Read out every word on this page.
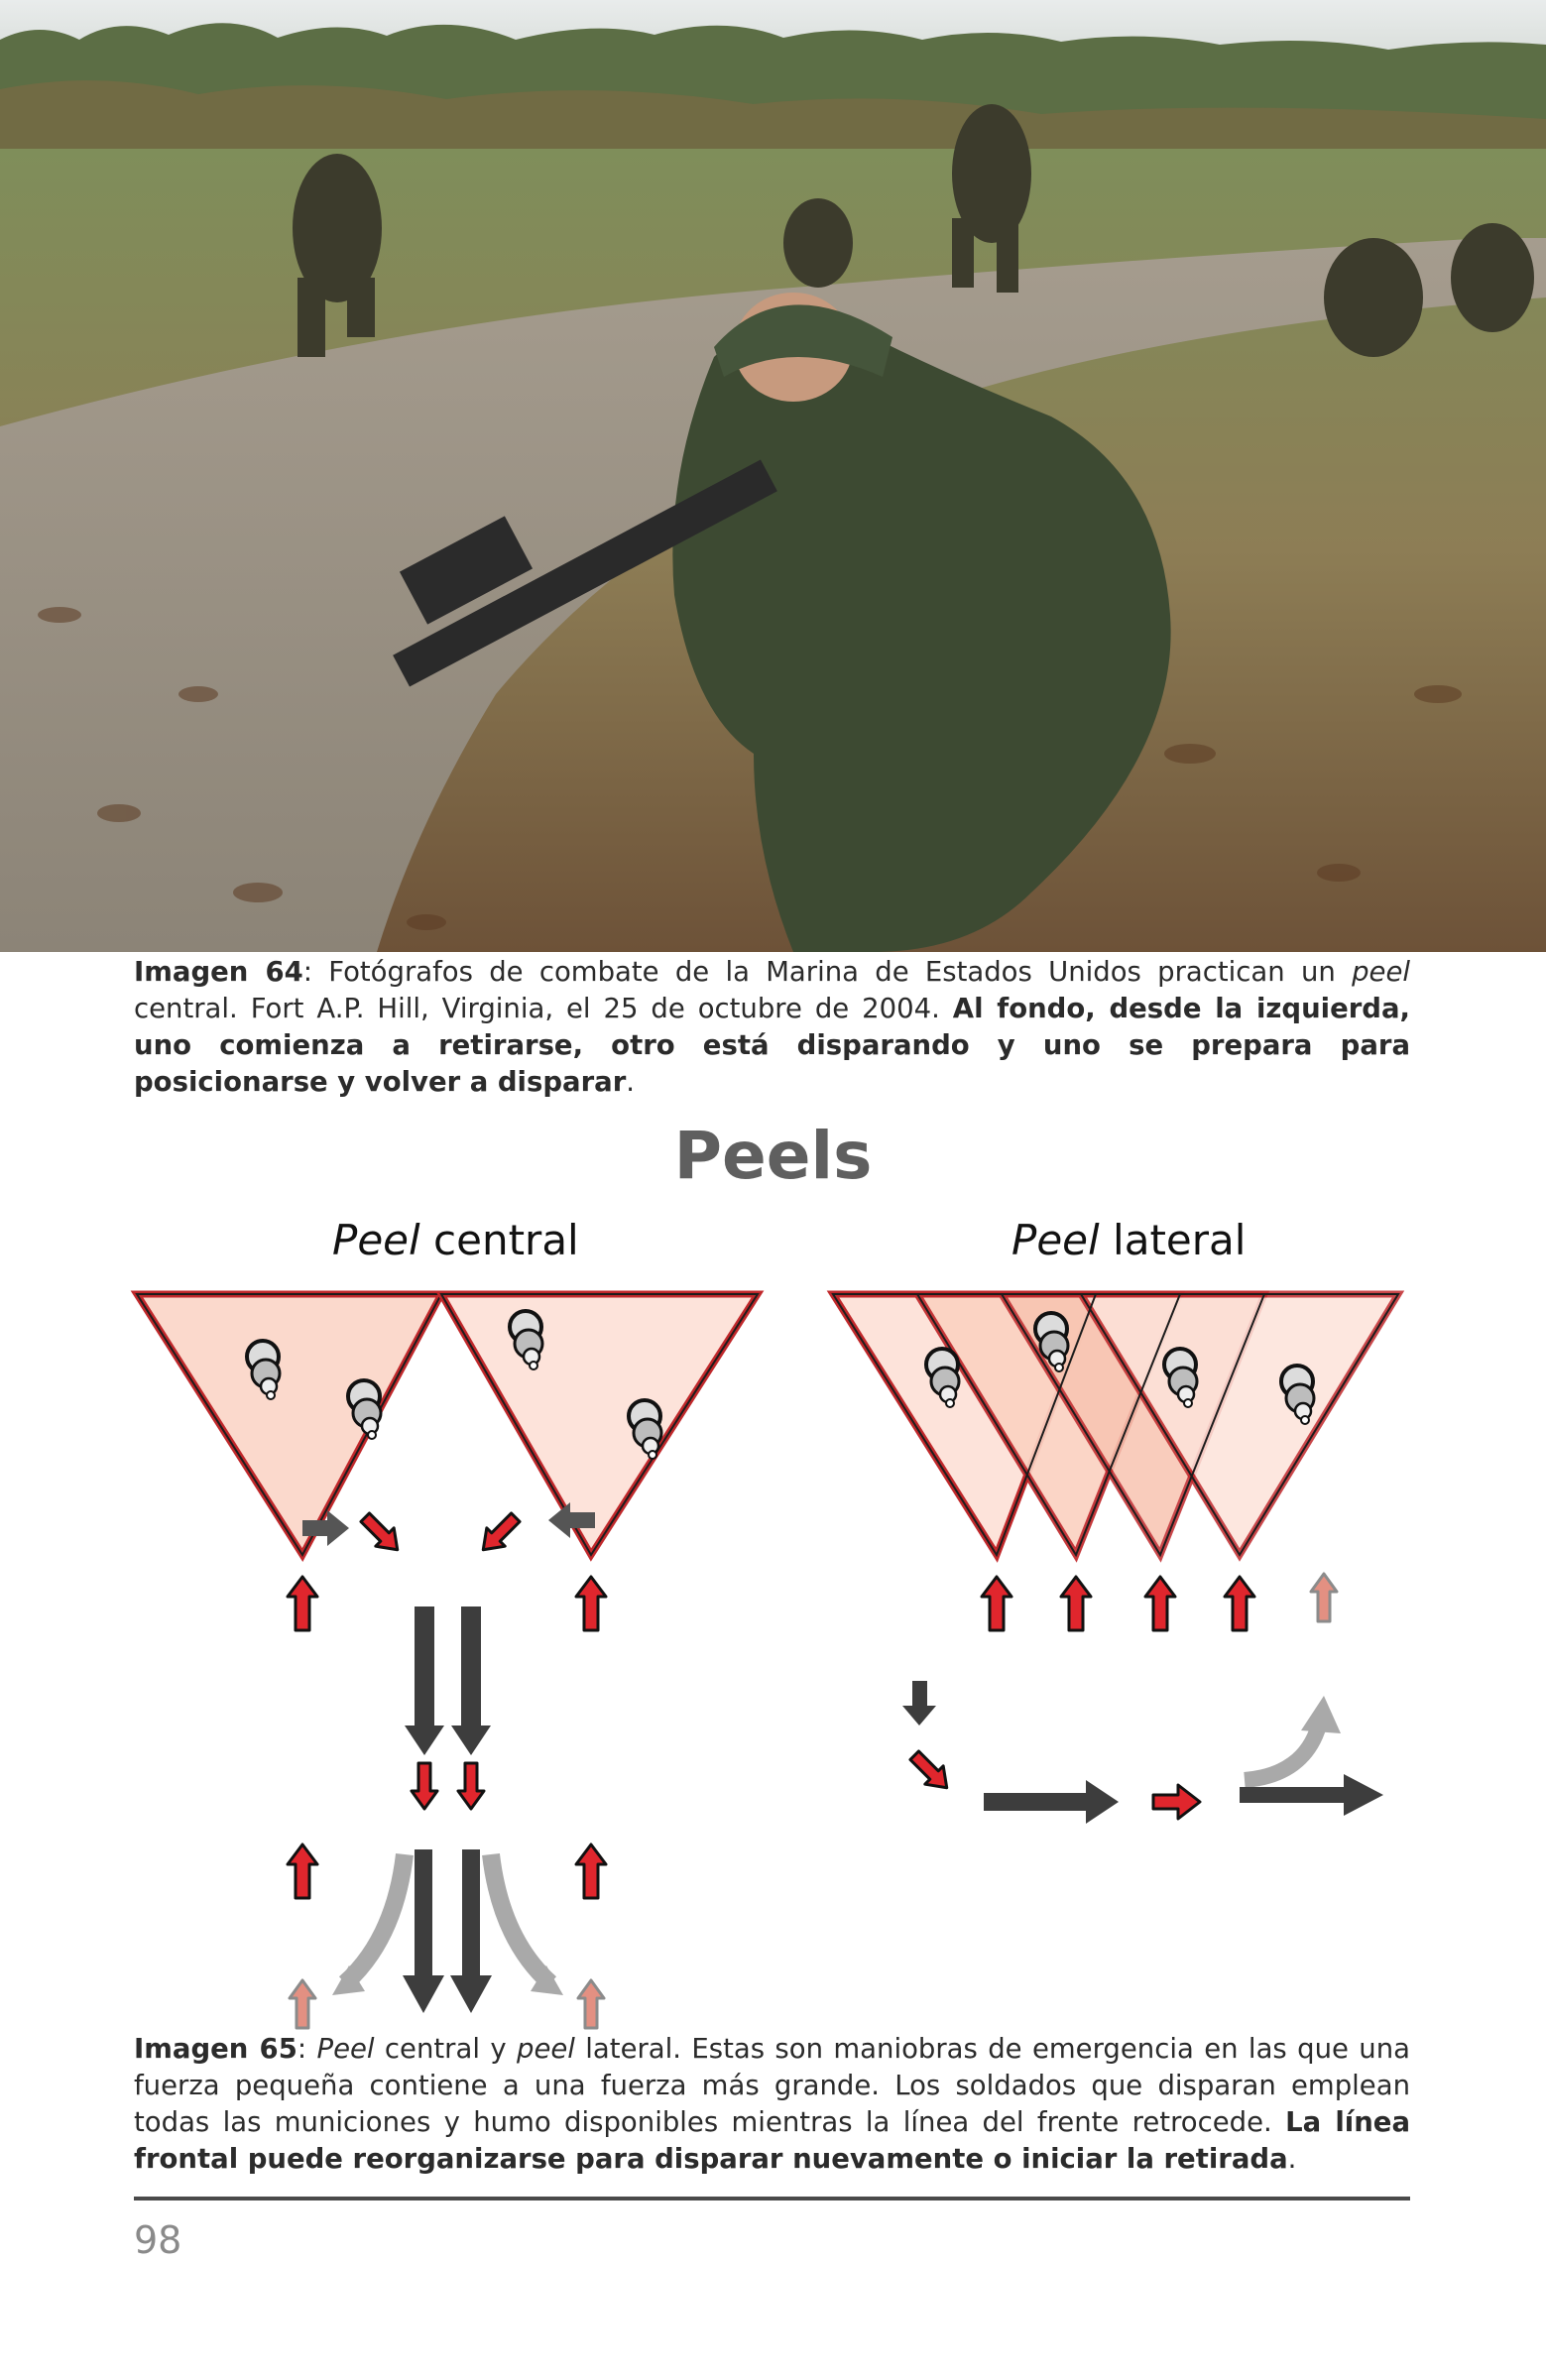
Imagen 64: Fotógrafos de combate de la Marina de Estados Unidos practican un peel central. Fort A.P. Hill, Virginia, el 25 de octubre de 2004. Al fondo, desde la izquierda, uno comienza a retirarse, otro está disparando y uno se prepara para posicionarse y volver a disparar.

Peels

Peel central	Peel lateral

Imagen 65: Peel central y peel lateral. Estas son maniobras de emergencia en las que una fuerza pequeña contiene a una fuerza más grande. Los soldados que disparan emplean todas las municiones y humo disponibles mientras la línea del frente retrocede. La línea frontal puede reorganizarse para disparar nuevamente o iniciar la retirada.

98
